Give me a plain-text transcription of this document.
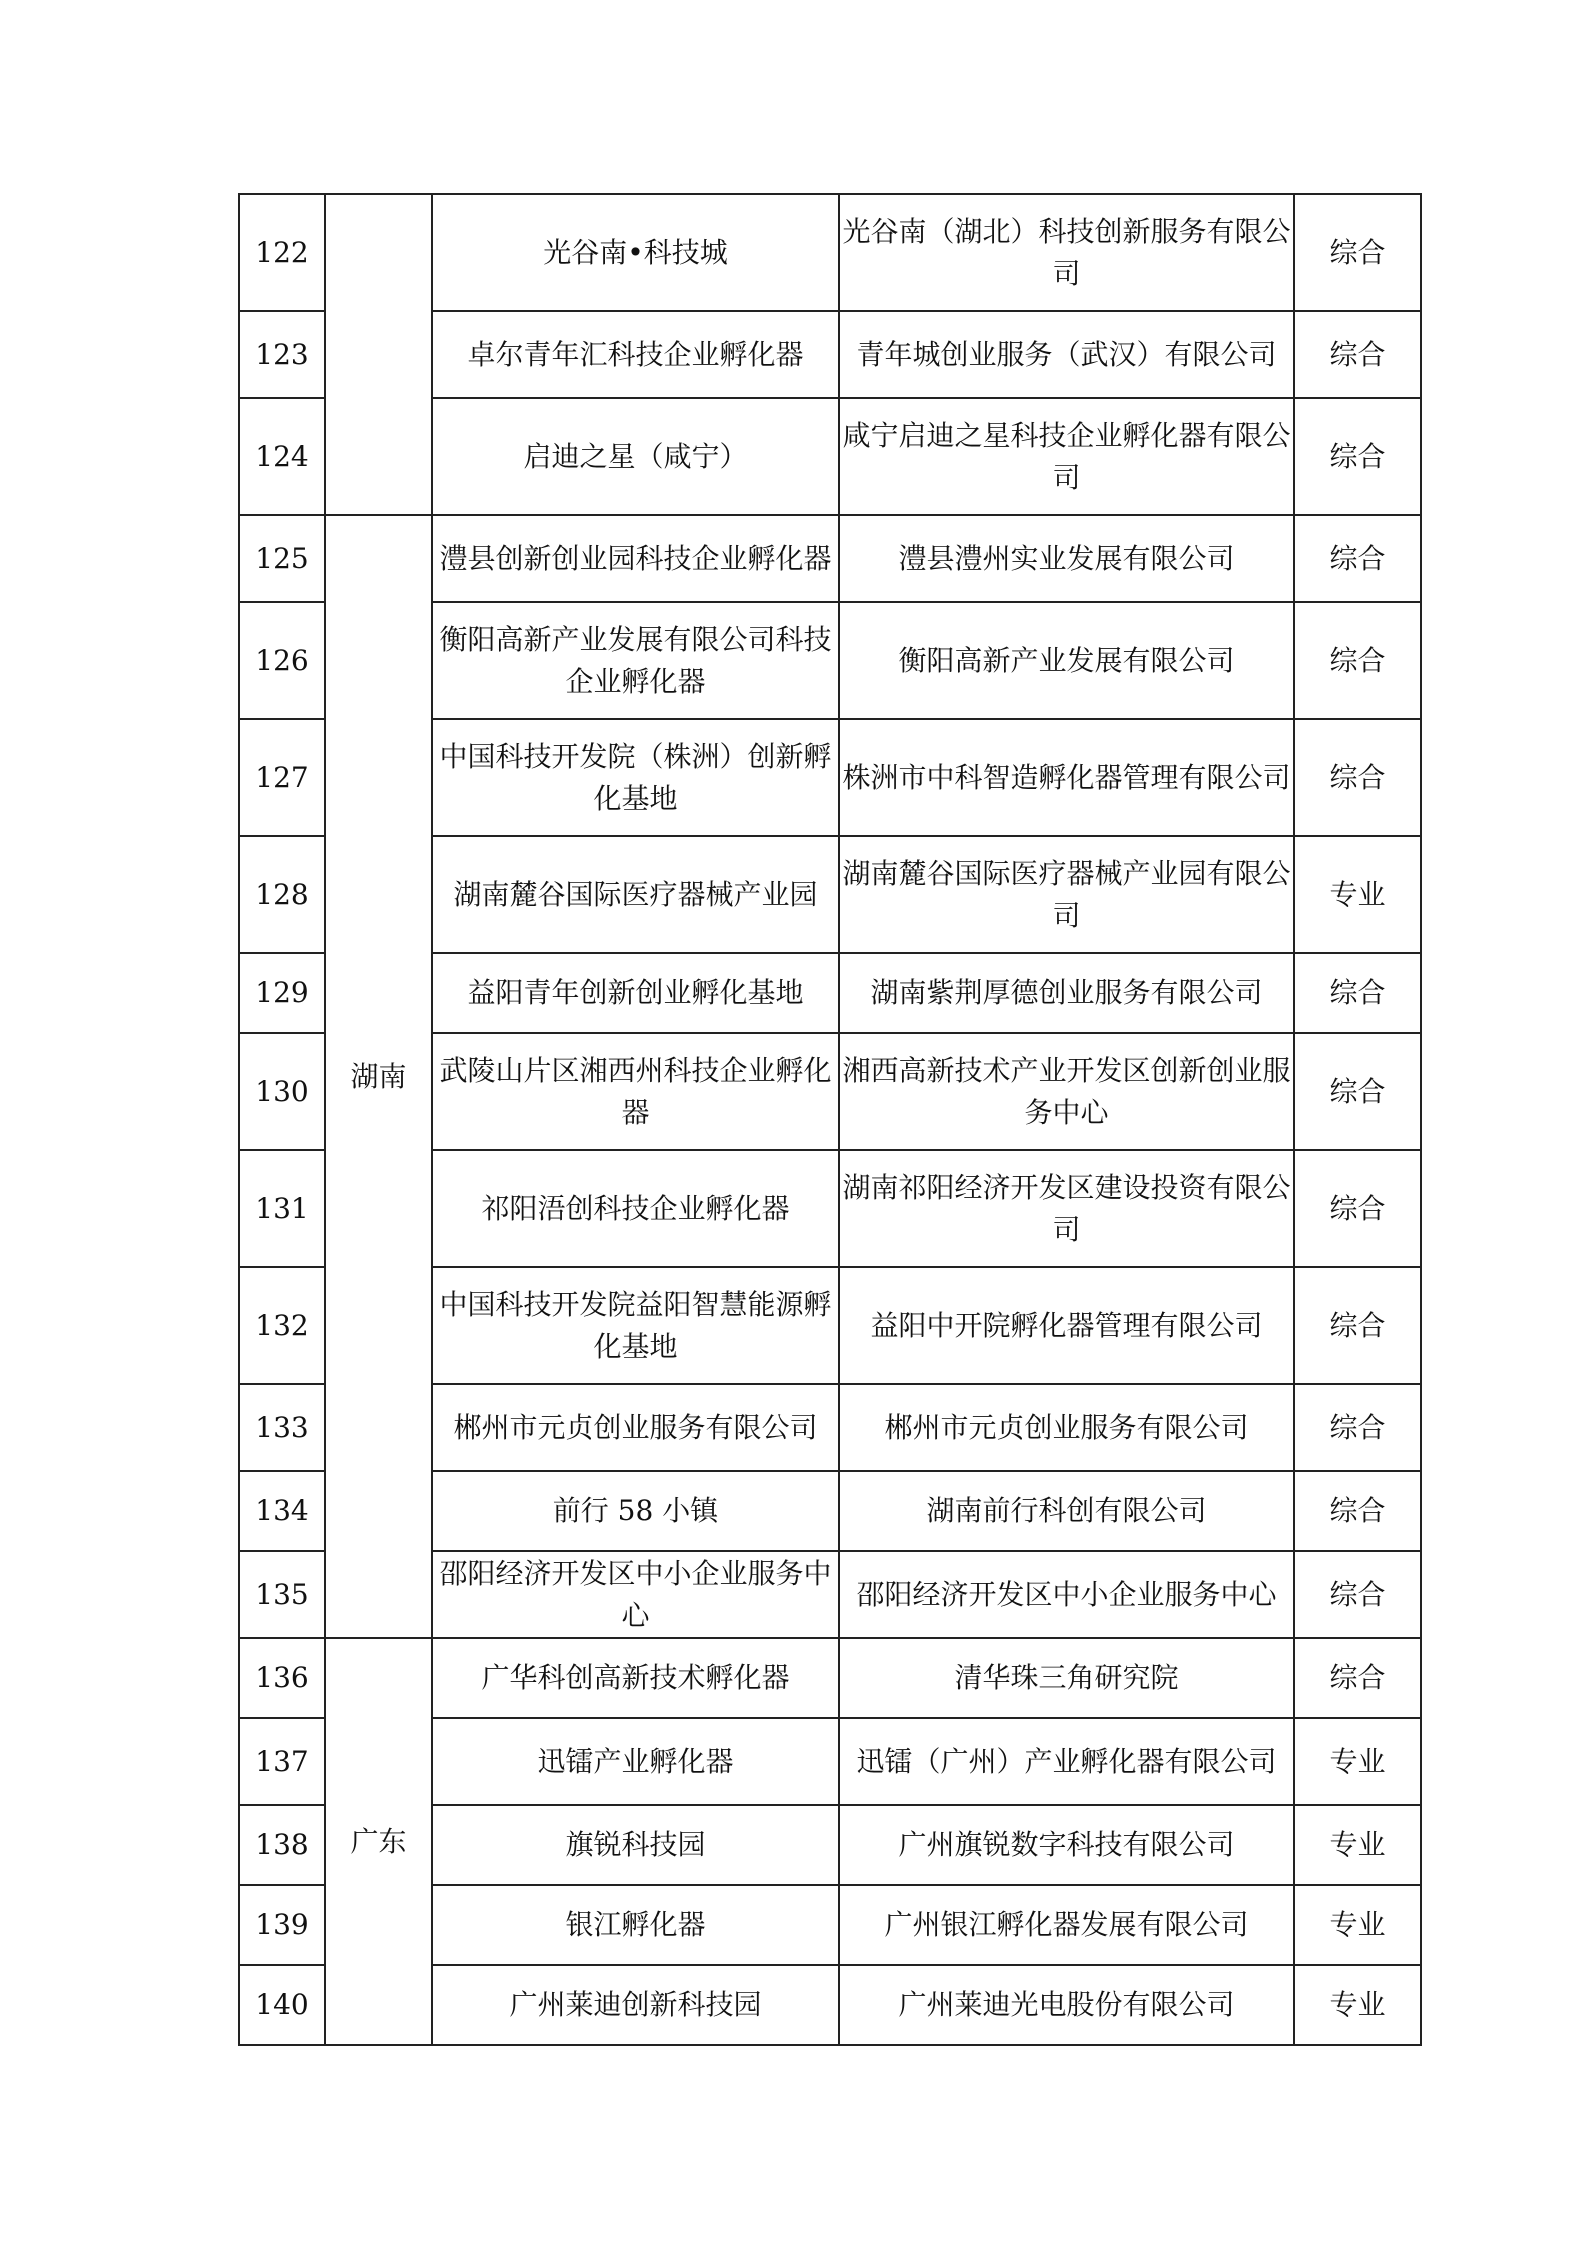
122		光谷南•科技城	光谷南（湖北）科技创新服务有限公司	综合
123		卓尔青年汇科技企业孵化器	青年城创业服务（武汉）有限公司	综合
124		启迪之星（咸宁）	咸宁启迪之星科技企业孵化器有限公司	综合
125	湖南	澧县创新创业园科技企业孵化器	澧县澧州实业发展有限公司	综合
126		衡阳高新产业发展有限公司科技企业孵化器	衡阳高新产业发展有限公司	综合
127		中国科技开发院（株洲）创新孵化基地	株洲市中科智造孵化器管理有限公司	综合
128		湖南麓谷国际医疗器械产业园	湖南麓谷国际医疗器械产业园有限公司	专业
129		益阳青年创新创业孵化基地	湖南紫荆厚德创业服务有限公司	综合
130		武陵山片区湘西州科技企业孵化器	湘西高新技术产业开发区创新创业服务中心	综合
131		祁阳浯创科技企业孵化器	湖南祁阳经济开发区建设投资有限公司	综合
132		中国科技开发院益阳智慧能源孵化基地	益阳中开院孵化器管理有限公司	综合
133		郴州市元贞创业服务有限公司	郴州市元贞创业服务有限公司	综合
134		前行 58 小镇	湖南前行科创有限公司	综合
135		邵阳经济开发区中小企业服务中心	邵阳经济开发区中小企业服务中心	综合
136	广东	广华科创高新技术孵化器	清华珠三角研究院	综合
137		迅镭产业孵化器	迅镭（广州）产业孵化器有限公司	专业
138		旗锐科技园	广州旗锐数字科技有限公司	专业
139		银江孵化器	广州银江孵化器发展有限公司	专业
140		广州莱迪创新科技园	广州莱迪光电股份有限公司	专业
